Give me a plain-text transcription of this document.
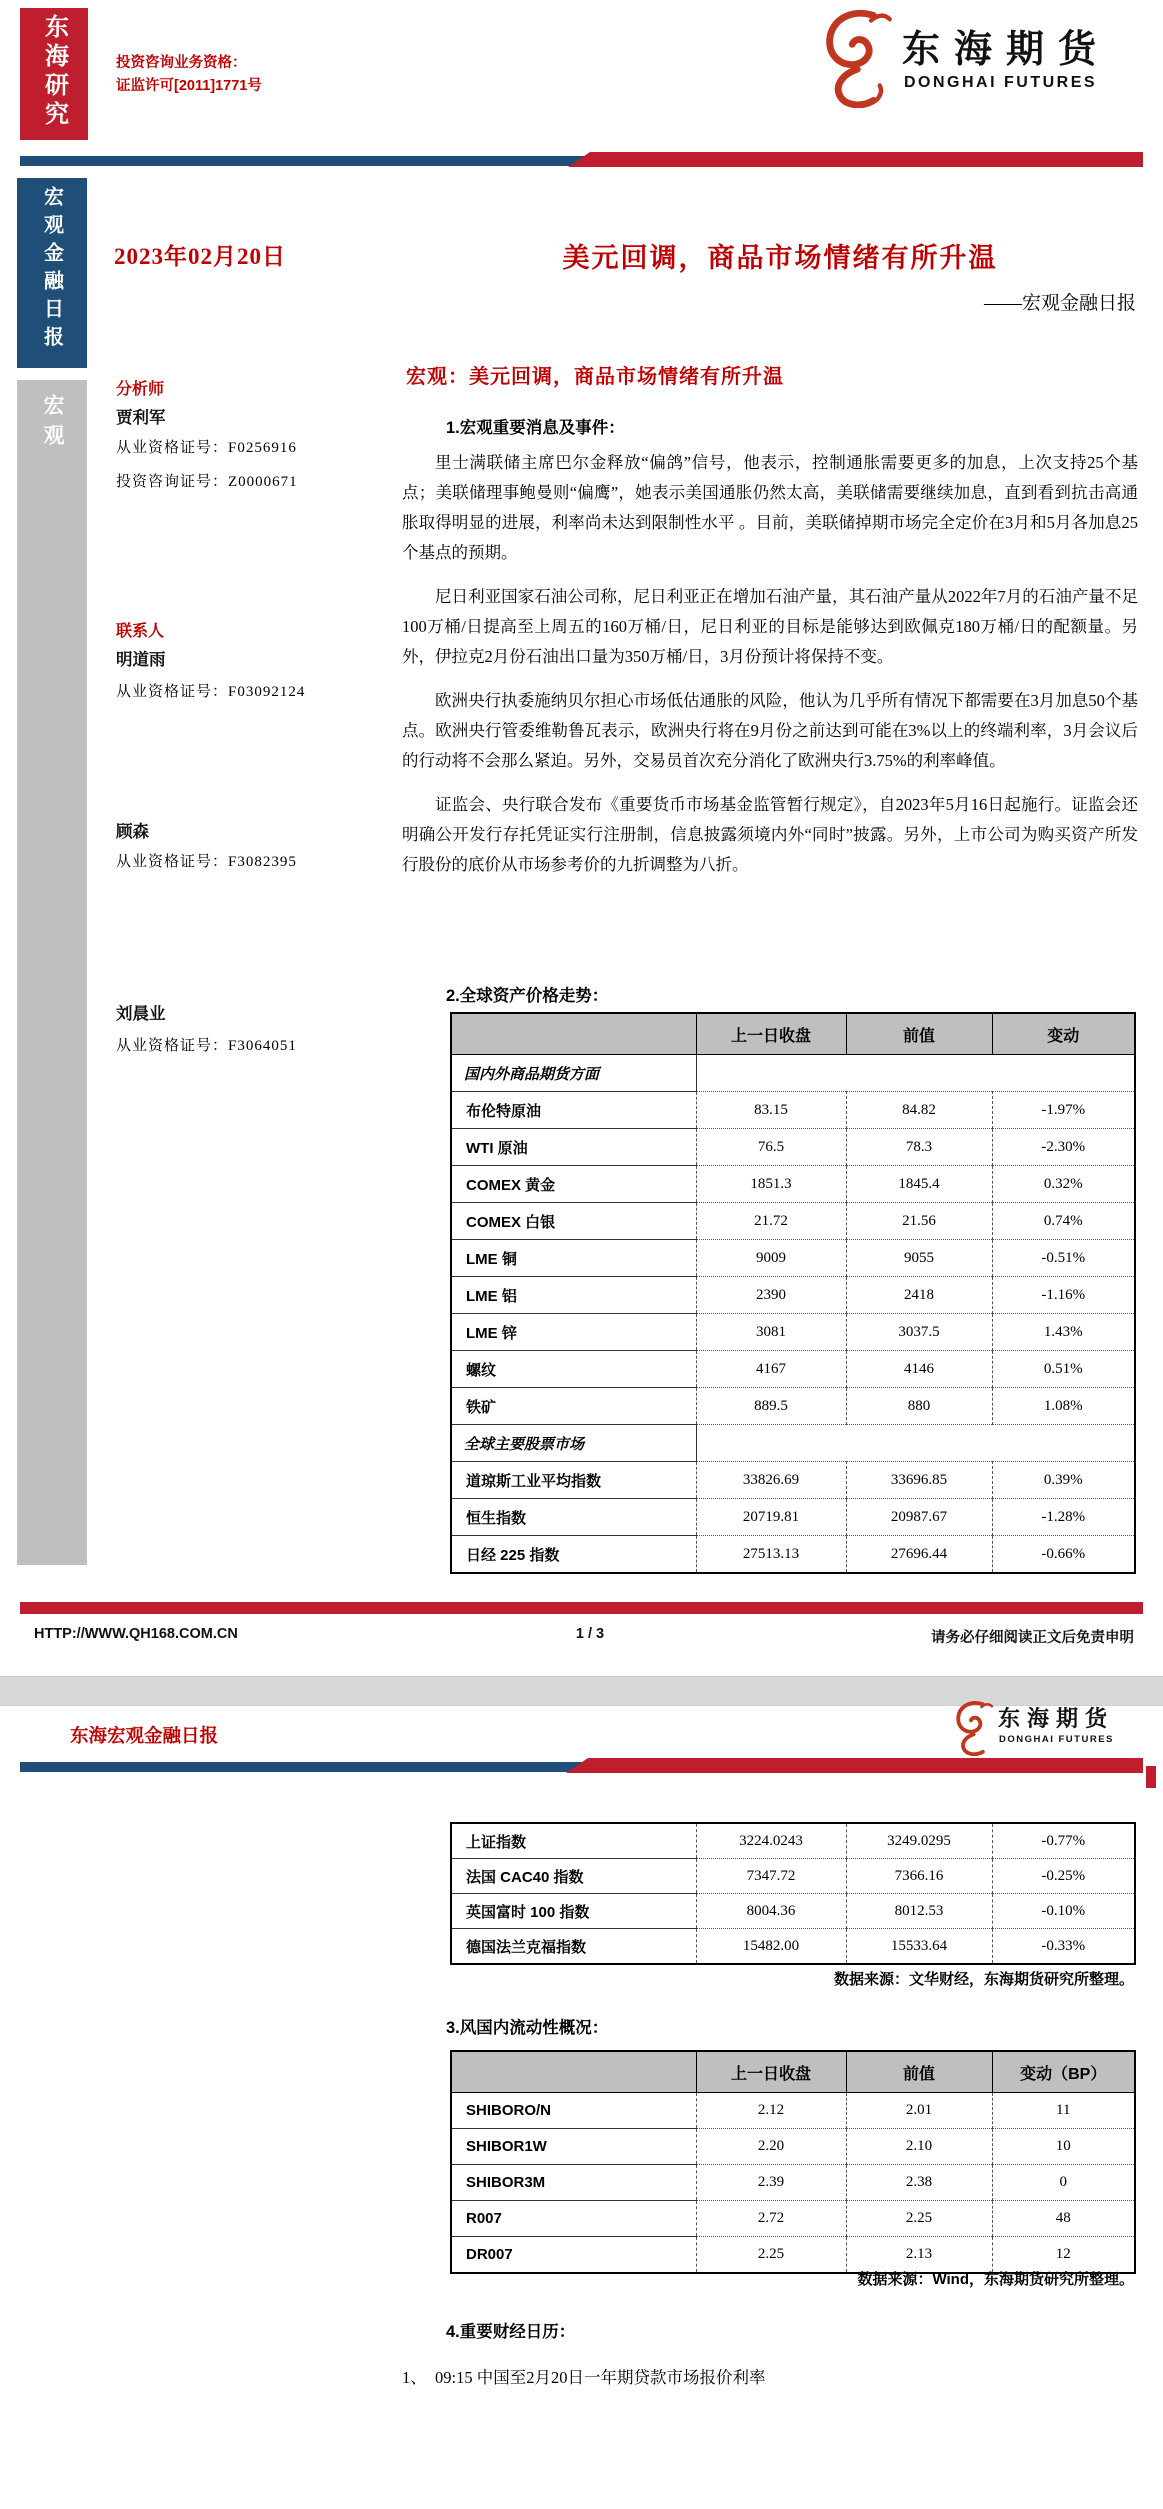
东海研究	投资咨询业务资格：
证监许可[2011]1771号
东海期货
DONGHAI FUTURES
宏观金融日报
宏观
2023年02月20日	美元回调，商品市场情绪有所升温
——宏观金融日报
分析师
贾利军
从业资格证号：F0256916
投资咨询证号：Z0000671
联系人
明道雨
从业资格证号：F03092124
顾森
从业资格证号：F3082395
刘晨业
从业资格证号：F3064051
宏观：美元回调，商品市场情绪有所升温
1.宏观重要消息及事件：

里士满联储主席巴尔金释放“偏鸽”信号，他表示，控制通胀需要更多的加息，上次支持25个基点；美联储理事鲍曼则“偏鹰”，她表示美国通胀仍然太高，美联储需要继续加息，直到看到抗击高通胀取得明显的进展，利率尚未达到限制性水平 。目前，美联储掉期市场完全定价在3月和5月各加息25个基点的预期。

尼日利亚国家石油公司称，尼日利亚正在增加石油产量，其石油产量从2022年7月的石油产量不足100万桶/日提高至上周五的160万桶/日，尼日利亚的目标是能够达到欧佩克180万桶/日的配额量。另外，伊拉克2月份石油出口量为350万桶/日，3月份预计将保持不变。

欧洲央行执委施纳贝尔担心市场低估通胀的风险，他认为几乎所有情况下都需要在3月加息50个基点。欧洲央行管委维勒鲁瓦表示，欧洲央行将在9月份之前达到可能在3%以上的终端利率，3月会议后的行动将不会那么紧迫。另外，交易员首次充分消化了欧洲央行3.75%的利率峰值。

证监会、央行联合发布《重要货币市场基金监管暂行规定》，自2023年5月16日起施行。证监会还明确公开发行存托凭证实行注册制，信息披露须境内外“同时”披露。另外，上市公司为购买资产所发行股份的底价从市场参考价的九折调整为八折。

2.全球资产价格走势：
	上一日收盘	前值	变动
国内外商品期货方面			
布伦特原油	83.15	84.82	-1.97%
WTI 原油	76.5	78.3	-2.30%
COMEX 黄金	1851.3	1845.4	0.32%
COMEX 白银	21.72	21.56	0.74%
LME 铜	9009	9055	-0.51%
LME 铝	2390	2418	-1.16%
LME 锌	3081	3037.5	1.43%
螺纹	4167	4146	0.51%
铁矿	889.5	880	1.08%
全球主要股票市场			
道琼斯工业平均指数	33826.69	33696.85	0.39%
恒生指数	20719.81	20987.67	-1.28%
日经 225 指数	27513.13	27696.44	-0.66%
HTTP://WWW.QH168.COM.CN	1 / 3	请务必仔细阅读正文后免责申明
东海宏观金融日报
东海期货
DONGHAI FUTURES
上证指数	3224.0243	3249.0295	-0.77%
法国 CAC40 指数	7347.72	7366.16	-0.25%
英国富时 100 指数	8004.36	8012.53	-0.10%
德国法兰克福指数	15482.00	15533.64	-0.33%
数据来源：文华财经，东海期货研究所整理。
3.风国内流动性概况：
	上一日收盘	前值	变动（BP）
SHIBORO/N	2.12	2.01	11
SHIBOR1W	2.20	2.10	10
SHIBOR3M	2.39	2.38	0
R007	2.72	2.25	48
DR007	2.25	2.13	12
数据来源：Wind，东海期货研究所整理。
4.重要财经日历：
1、  09:15 中国至2月20日一年期贷款市场报价利率
